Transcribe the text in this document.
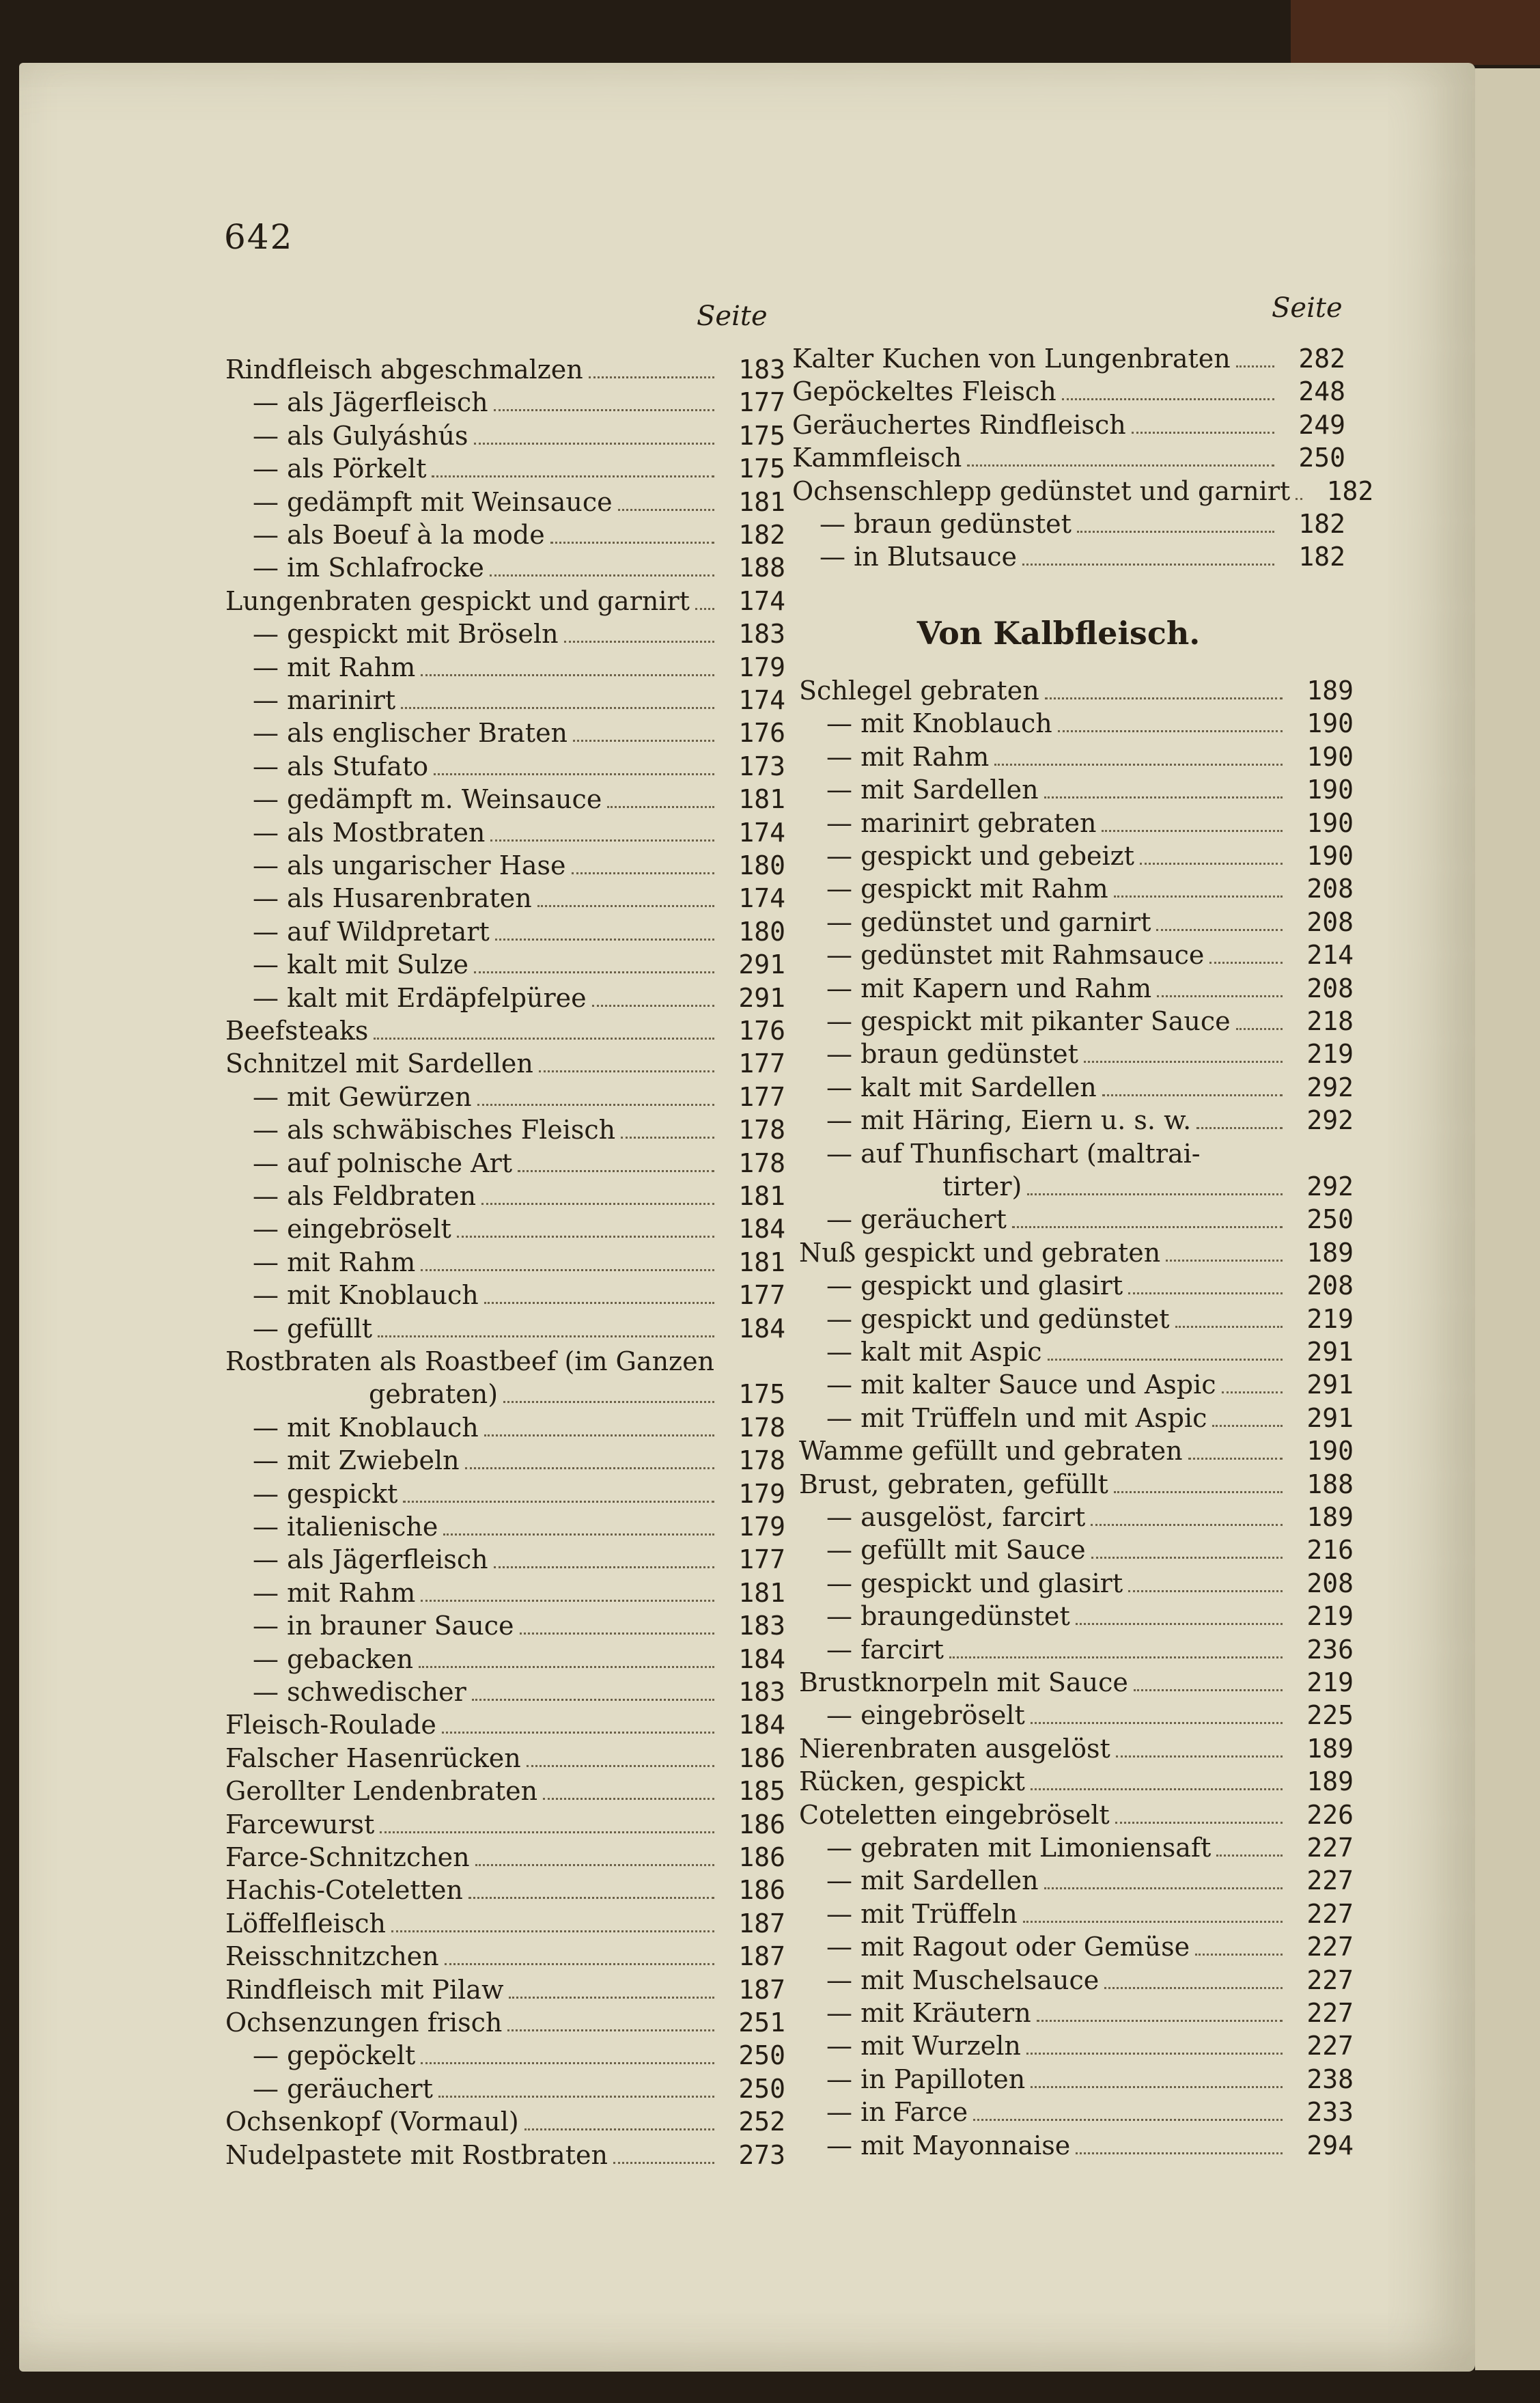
642
Seite	Seite
Rindfleisch abgeschmalzen	183
— als Jägerfleisch	177
— als Gulyáshús	175
— als Pörkelt	175
— gedämpft mit Weinsauce	181
— als Boeuf à la mode	182
— im Schlafrocke	188
Lungenbraten gespickt und garnirt	174
— gespickt mit Bröseln	183
— mit Rahm	179
— marinirt	174
— als englischer Braten	176
— als Stufato	173
— gedämpft m. Weinsauce	181
— als Mostbraten	174
— als ungarischer Hase	180
— als Husarenbraten	174
— auf Wildpretart	180
— kalt mit Sulze	291
— kalt mit Erdäpfelpüree	291
Beefsteaks	176
Schnitzel mit Sardellen	177
— mit Gewürzen	177
— als schwäbisches Fleisch	178
— auf polnische Art	178
— als Feldbraten	181
— eingebröselt	184
— mit Rahm	181
— mit Knoblauch	177
— gefüllt	184
Rostbraten als Roastbeef (im Ganzen
gebraten)	175
— mit Knoblauch	178
— mit Zwiebeln	178
— gespickt	179
— italienische	179
— als Jägerfleisch	177
— mit Rahm	181
— in brauner Sauce	183
— gebacken	184
— schwedischer	183
Fleisch-Roulade	184
Falscher Hasenrücken	186
Gerollter Lendenbraten	185
Farcewurst	186
Farce-Schnitzchen	186
Hachis-Coteletten	186
Löffelfleisch	187
Reisschnitzchen	187
Rindfleisch mit Pilaw	187
Ochsenzungen frisch	251
— gepöckelt	250
— geräuchert	250
Ochsenkopf (Vormaul)	252
Nudelpastete mit Rostbraten	273
Kalter Kuchen von Lungenbraten	282
Gepöckeltes Fleisch	248
Geräuchertes Rindfleisch	249
Kammfleisch	250
Ochsenschlepp gedünstet und garnirt	182
— braun gedünstet	182
— in Blutsauce	182
Von Kalbfleisch.
Schlegel gebraten	189
— mit Knoblauch	190
— mit Rahm	190
— mit Sardellen	190
— marinirt gebraten	190
— gespickt und gebeizt	190
— gespickt mit Rahm	208
— gedünstet und garnirt	208
— gedünstet mit Rahmsauce	214
— mit Kapern und Rahm	208
— gespickt mit pikanter Sauce	218
— braun gedünstet	219
— kalt mit Sardellen	292
— mit Häring, Eiern u. s. w.	292
— auf Thunfischart (maltrai-
tirter)	292
— geräuchert	250
Nuß gespickt und gebraten	189
— gespickt und glasirt	208
— gespickt und gedünstet	219
— kalt mit Aspic	291
— mit kalter Sauce und Aspic	291
— mit Trüffeln und mit Aspic	291
Wamme gefüllt und gebraten	190
Brust, gebraten, gefüllt	188
— ausgelöst, farcirt	189
— gefüllt mit Sauce	216
— gespickt und glasirt	208
— braungedünstet	219
— farcirt	236
Brustknorpeln mit Sauce	219
— eingebröselt	225
Nierenbraten ausgelöst	189
Rücken, gespickt	189
Coteletten eingebröselt	226
— gebraten mit Limoniensaft	227
— mit Sardellen	227
— mit Trüffeln	227
— mit Ragout oder Gemüse	227
— mit Muschelsauce	227
— mit Kräutern	227
— mit Wurzeln	227
— in Papilloten	238
— in Farce	233
— mit Mayonnaise	294
